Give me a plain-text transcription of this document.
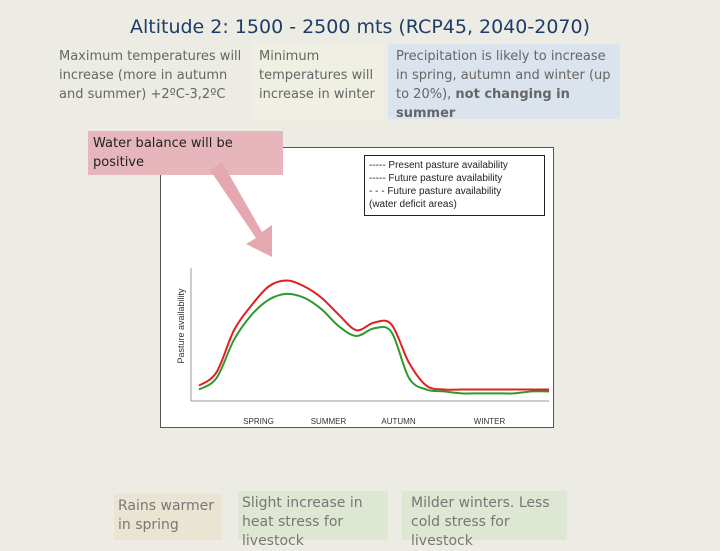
Altitude 2: 1500 - 2500 mts (RCP45, 2040-2070)
Maximum temperatures will increase (more in autumn and summer) +2ºC-3,2ºC
Minimum temperatures will increase in winter
Precipitation is likely to increase in spring, autumn and winter (up to 20%), not changing in summer
Pasture availability
SPRING	SUMMER	AUTUMN	WINTER
----- Present pasture availability
----- Future pasture availability
- - - Future pasture availability
(water deficit areas)
Water balance will be positive
Rains warmer in spring
Slight increase in heat stress for livestock
Milder winters. Less cold stress for livestock
